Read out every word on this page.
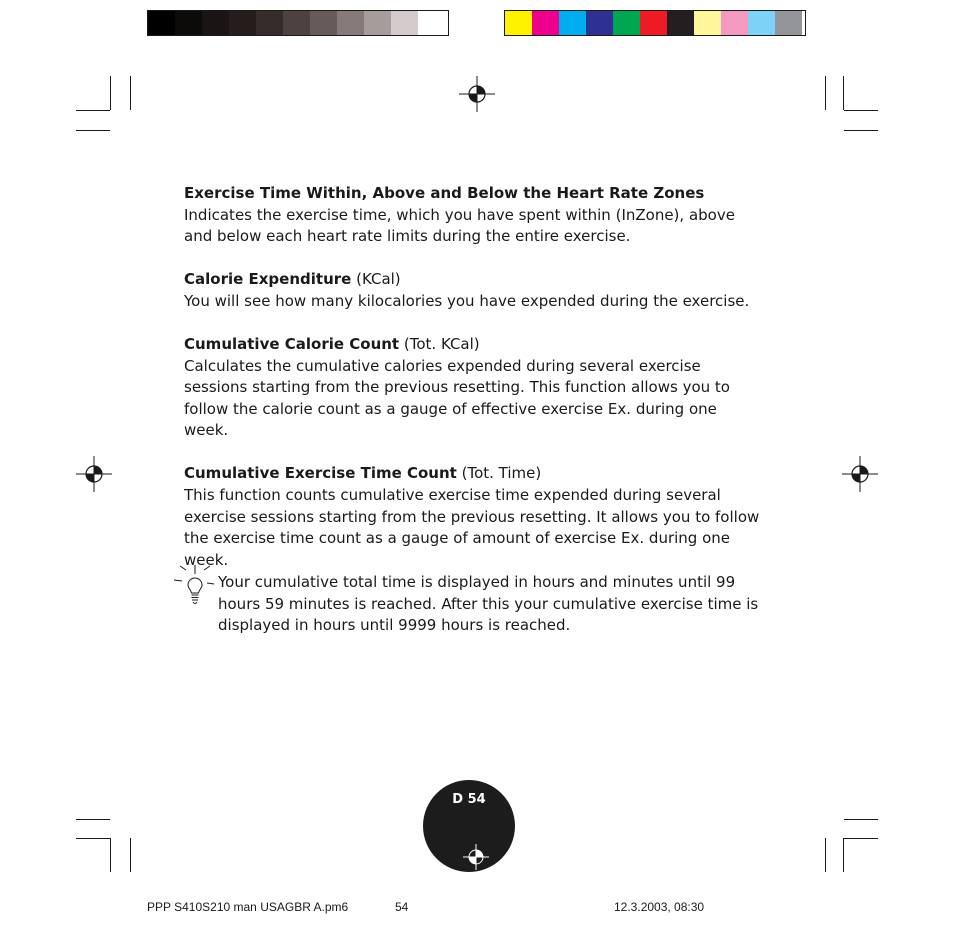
Exercise Time Within, Above and Below the Heart Rate Zones

Indicates the exercise time, which you have spent within (InZone), above and below each heart rate limits during the entire exercise.

Calorie Expenditure (KCal)

You will see how many kilocalories you have expended during the exercise.

Cumulative Calorie Count (Tot. KCal)

Calculates the cumulative calories expended during several exercise sessions starting from the previous resetting. This function allows you to follow the calorie count as a gauge of effective exercise Ex. during one week.

Cumulative Exercise Time Count (Tot. Time)

This function counts cumulative exercise time expended during several exercise sessions starting from the previous resetting. It allows you to follow the exercise time count as a gauge of amount of exercise Ex. during one week.

Your cumulative total time is displayed in hours and minutes until 99 hours 59 minutes is reached. After this your cumulative exercise time is displayed in hours until 9999 hours is reached.

D 54
PPP S410S210 man USAGBR A.pm6	54	12.3.2003, 08:30
